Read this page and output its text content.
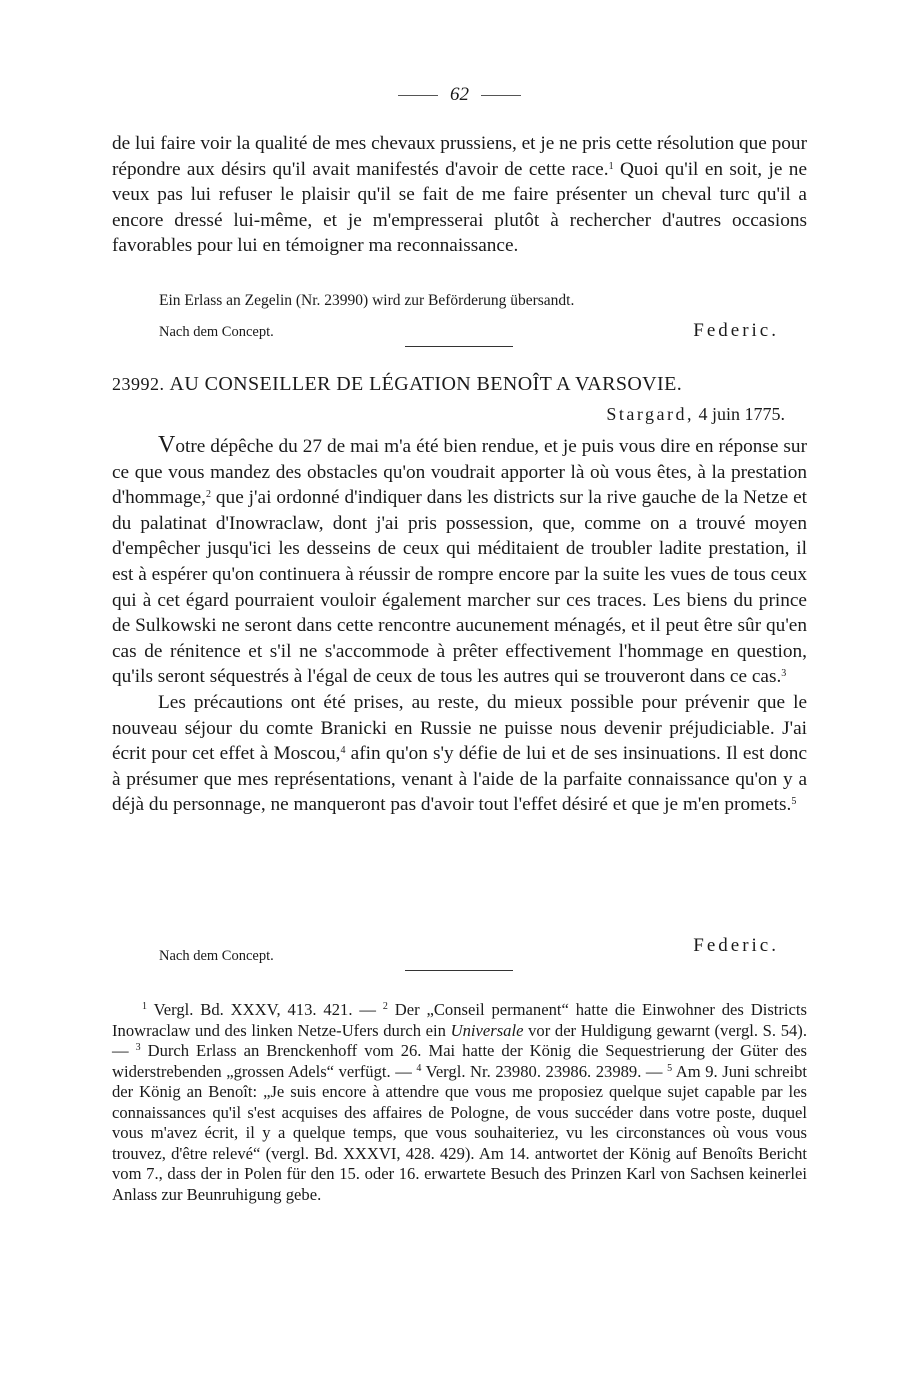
62

de lui faire voir la qualité de mes chevaux prussiens, et je ne pris cette résolution que pour répondre aux désirs qu'il avait manifestés d'avoir de cette race.$^1$ Quoi qu'il en soit, je ne veux pas lui refuser le plaisir qu'il se fait de me faire présenter un cheval turc qu'il a encore dressé lui-même, et je m'empresserai plutôt à rechercher d'autres occasions favorables pour lui en témoigner ma reconnaissance.

Ein Erlass an Zegelin (Nr. 23990) wird zur Beförderung übersandt.
Nach dem Concept.	Federic.
23992. AU CONSEILLER DE LÉGATION BENOÎT A VARSOVIE.
Stargard, 4 juin 1775.

Votre dépêche du 27 de mai m'a été bien rendue, et je puis vous dire en réponse sur ce que vous mandez des obstacles qu'on voudrait apporter là où vous êtes, à la prestation d'hommage,$^2$ que j'ai ordonné d'indiquer dans les districts sur la rive gauche de la Netze et du palatinat d'Inowraclaw, dont j'ai pris possession, que, comme on a trouvé moyen d'empêcher jusqu'ici les desseins de ceux qui méditaient de troubler ladite prestation, il est à espérer qu'on continuera à réussir de rompre encore par la suite les vues de tous ceux qui à cet égard pourraient vouloir également marcher sur ces traces. Les biens du prince de Sulkowski ne seront dans cette rencontre aucunement ménagés, et il peut être sûr qu'en cas de rénitence et s'il ne s'accommode à prêter effectivement l'hommage en question, qu'ils seront séquestrés à l'égal de ceux de tous les autres qui se trouveront dans ce cas.$^3$

Les précautions ont été prises, au reste, du mieux possible pour prévenir que le nouveau séjour du comte Branicki en Russie ne puisse nous devenir préjudiciable. J'ai écrit pour cet effet à Moscou,$^4$ afin qu'on s'y défie de lui et de ses insinuations. Il est donc à présumer que mes représentations, venant à l'aide de la parfaite connaissance qu'on y a déjà du personnage, ne manqueront pas d'avoir tout l'effet désiré et que je m'en promets.$^5$

Nach dem Concept.	Federic.

$^1$ Vergl. Bd. XXXV, 413. 421. — $^2$ Der „Conseil permanent“ hatte die Einwohner des Districts Inowraclaw und des linken Netze-Ufers durch ein Universale vor der Huldigung gewarnt (vergl. S. 54). — $^3$ Durch Erlass an Brenckenhoff vom 26. Mai hatte der König die Sequestrierung der Güter des widerstrebenden „grossen Adels“ verfügt. — $^4$ Vergl. Nr. 23980. 23986. 23989. — $^5$ Am 9. Juni schreibt der König an Benoît: „Je suis encore à attendre que vous me proposiez quelque sujet capable par les connaissances qu'il s'est acquises des affaires de Pologne, de vous succéder dans votre poste, duquel vous m'avez écrit, il y a quelque temps, que vous souhaiteriez, vu les circonstances où vous vous trouvez, d'être relevé“ (vergl. Bd. XXXVI, 428. 429). Am 14. antwortet der König auf Benoîts Bericht vom 7., dass der in Polen für den 15. oder 16. erwartete Besuch des Prinzen Karl von Sachsen keinerlei Anlass zur Beunruhigung gebe.
